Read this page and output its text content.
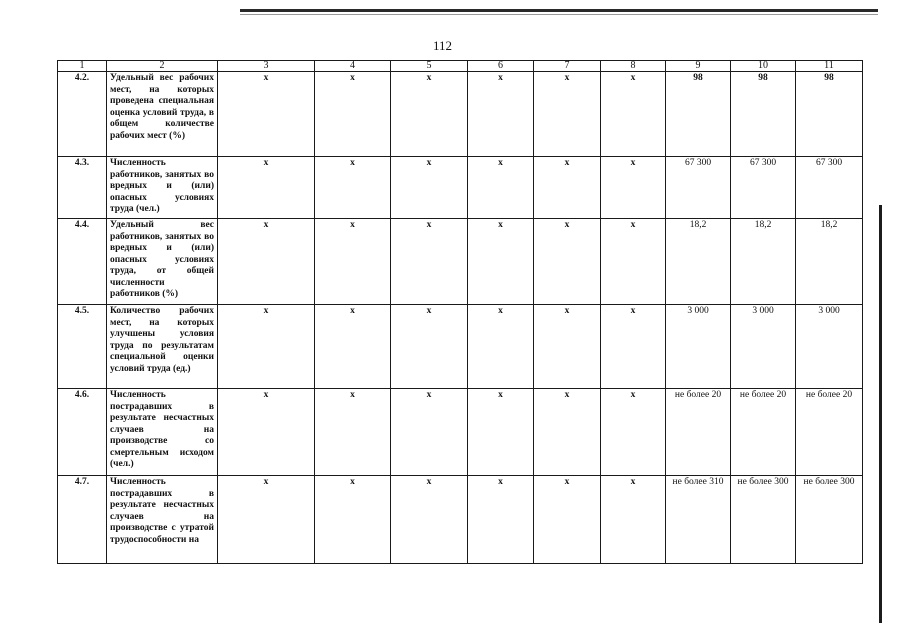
112
1	2	3	4	5	6	7	8	9	10	11
4.2.	Удельный вес рабочих мест, на которых проведена специальная оценка условий труда, в общем количестве рабочих мест (%)	х	х	х	х	х	х	98	98	98
4.3.	Численность работников, занятых во вредных и (или) опасных условиях труда (чел.)	х	х	х	х	х	х	67 300	67 300	67 300
4.4.	Удельный вес работников, занятых во вредных и (или) опасных условиях труда, от общей численности работников (%)	х	х	х	х	х	х	18,2	18,2	18,2
4.5.	Количество рабочих мест, на которых улучшены условия труда по результатам специальной оценки условий труда (ед.)	х	х	х	х	х	х	3 000	3 000	3 000
4.6.	Численность пострадавших в результате несчастных случаев на производстве со смертельным исходом (чел.)	х	х	х	х	х	х	не более 20	не более 20	не более 20
4.7.	Численность пострадавших в результате несчастных случаев на производстве с утратой трудоспособности на	х	х	х	х	х	х	не более 310	не более 300	не более 300
